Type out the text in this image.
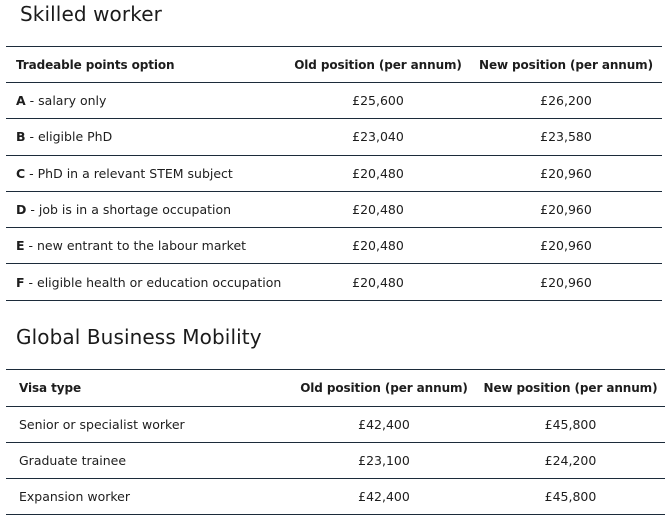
Skilled worker
Tradeable points option	Old position (per annum)	New position (per annum)
A - salary only	£25,600	£26,200
B - eligible PhD	£23,040	£23,580
C - PhD in a relevant STEM subject	£20,480	£20,960
D - job is in a shortage occupation	£20,480	£20,960
E - new entrant to the labour market	£20,480	£20,960
F - eligible health or education occupation	£20,480	£20,960
Global Business Mobility
Visa type	Old position (per annum)	New position (per annum)
Senior or specialist worker	£42,400	£45,800
Graduate trainee	£23,100	£24,200
Expansion worker	£42,400	£45,800
